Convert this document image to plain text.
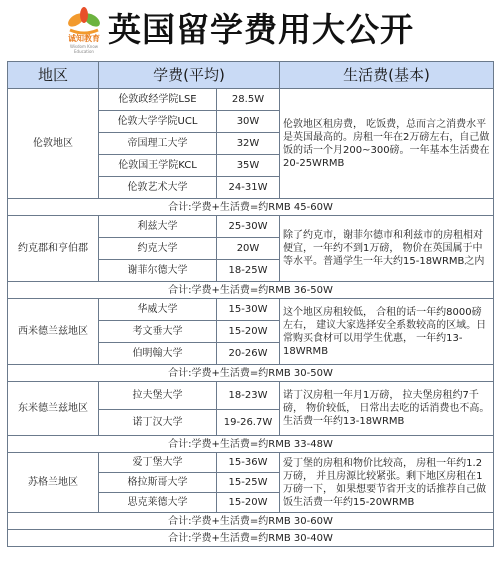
诚知教育
Wisdom Know Education
英国留学费用大公开
地区	学费(平均)		生活费(基本)
伦敦地区	伦敦政经学院LSE	28.5W	伦敦地区租房费， 吃饭费，总而言之消费水平是英国最高的。房租一年在2万磅左右，自己做饭的话一个月200~300磅。一年基本生活费在20-25WRMB
	伦敦大学学院UCL	30W	
	帝国理工大学	32W	
	伦敦国王学院KCL	35W	
	伦敦艺术大学	24-31W	
合计:学费+生活费=约RMB 45-60W			
约克郡和亨伯郡	利兹大学	25-30W	除了约克市，谢菲尔德市和利兹市的房租相对便宜，一年约不到1万磅， 物价在英国属于中等水平。普通学生一年大约15-18WRMB之内
	约克大学	20W	
	谢菲尔德大学	18-25W	
合计:学费+生活费=约RMB 36-50W			
西米德兰兹地区	华威大学	15-30W	这个地区房租较低， 合租的话一年约8000磅左右， 建议大家选择安全系数较高的区域。日常购买食材可以用学生优惠， 一年约13-18WRMB
	考文垂大学	15-20W	
	伯明翰大学	20-26W	
合计:学费+生活费=约RMB 30-50W			
东米德兰兹地区	拉夫堡大学	18-23W	诺丁汉房租一年月1万磅， 拉夫堡房租约7千磅， 物价较低， 日常出去吃的话消费也不高。生活费一年约13-18WRMB
	诺丁汉大学	19-26.7W	
合计:学费+生活费=约RMB 33-48W			
苏格兰地区	爱丁堡大学	15-36W	爱丁堡的房租和物价比较高， 房租一年约1.2万磅， 并且房源比较紧张。剩下地区房租在1万磅一下， 如果想要节省开支的话推荐自己做饭生活费一年约15-20WRMB
	格拉斯哥大学	15-25W	
	思克莱德大学	15-20W	
合计:学费+生活费=约RMB 30-60W			
合计:学费+生活费=约RMB 30-40W			
